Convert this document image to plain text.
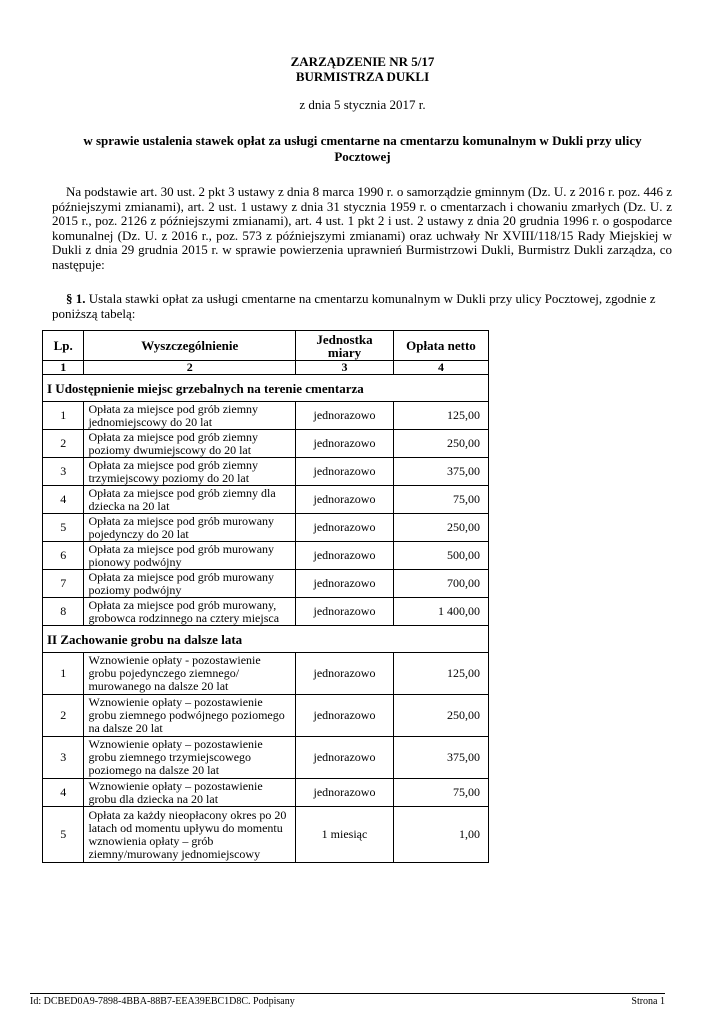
ZARZĄDZENIE NR 5/17
BURMISTRZA DUKLI
z dnia 5 stycznia 2017 r.
w sprawie ustalenia stawek opłat za usługi cmentarne na cmentarzu komunalnym w Dukli przy ulicy Pocztowej

Na podstawie art. 30 ust. 2 pkt 3 ustawy z dnia 8 marca 1990 r. o samorządzie gminnym (Dz. U. z 2016 r. poz. 446 z późniejszymi zmianami), art. 2 ust. 1 ustawy z dnia 31 stycznia 1959 r. o cmentarzach i chowaniu zmarłych (Dz. U. z 2015 r., poz. 2126 z późniejszymi zmianami), art. 4 ust. 1 pkt 2 i ust. 2 ustawy z dnia 20 grudnia 1996 r. o gospodarce komunalnej (Dz. U. z 2016 r., poz. 573 z późniejszymi zmianami) oraz uchwały Nr XVIII/118/15 Rady Miejskiej w Dukli z dnia 29 grudnia 2015 r. w sprawie powierzenia uprawnień Burmistrzowi Dukli, Burmistrz Dukli zarządza, co następuje:

§ 1. Ustala stawki opłat za usługi cmentarne na cmentarzu komunalnym w Dukli przy ulicy Pocztowej, zgodnie z poniższą tabelą:

Lp.	Wyszczególnienie	Jednostka miary	Opłata netto
1	2	3	4
I Udostępnienie miejsc grzebalnych na terenie cmentarza			
1	Opłata za miejsce pod grób ziemny jednomiejscowy do 20 lat	jednorazowo	125,00
2	Opłata za miejsce pod grób ziemny poziomy dwumiejscowy do 20 lat	jednorazowo	250,00
3	Opłata za miejsce pod grób ziemny trzymiejscowy poziomy do 20 lat	jednorazowo	375,00
4	Opłata za miejsce pod grób ziemny dla dziecka na 20 lat	jednorazowo	75,00
5	Opłata za miejsce pod grób murowany pojedynczy do 20 lat	jednorazowo	250,00
6	Opłata za miejsce pod grób murowany pionowy podwójny	jednorazowo	500,00
7	Opłata za miejsce pod grób murowany poziomy podwójny	jednorazowo	700,00
8	Opłata za miejsce pod grób murowany, grobowca rodzinnego na cztery miejsca	jednorazowo	1 400,00
II Zachowanie grobu na dalsze lata			
1	Wznowienie opłaty - pozostawienie grobu pojedynczego ziemnego/ murowanego na dalsze 20 lat	jednorazowo	125,00
2	Wznowienie opłaty – pozostawienie grobu ziemnego podwójnego poziomego na dalsze 20 lat	jednorazowo	250,00
3	Wznowienie opłaty – pozostawienie grobu ziemnego trzymiejscowego poziomego na dalsze 20 lat	jednorazowo	375,00
4	Wznowienie opłaty – pozostawienie grobu dla dziecka na 20 lat	jednorazowo	75,00
5	Opłata za każdy nieopłacony okres po 20 latach od momentu upływu do momentu wznowienia opłaty – grób ziemny/murowany jednomiejscowy	1 miesiąc	1,00
Id: DCBED0A9-7898-4BBA-88B7-EEA39EBC1D8C. Podpisany	Strona 1
